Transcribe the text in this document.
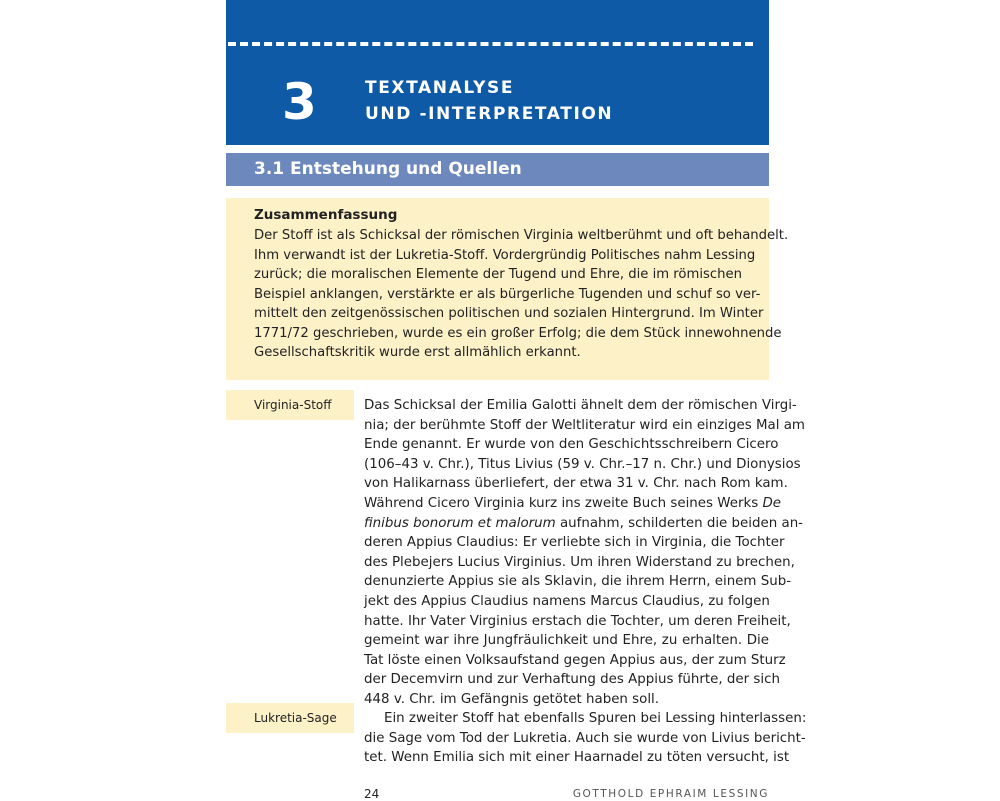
3	TEXTANALYSE
UND -INTERPRETATION
3.1 Entstehung und Quellen
Zusammenfassung
Der Stoff ist als Schicksal der römischen Virginia weltberühmt und oft behandelt.
Ihm verwandt ist der Lukretia-Stoff. Vordergründig Politisches nahm Lessing
zurück; die moralischen Elemente der Tugend und Ehre, die im römischen
Beispiel anklangen, verstärkte er als bürgerliche Tugenden und schuf so ver-
mittelt den zeitgenössischen politischen und sozialen Hintergrund. Im Winter
1771/72 geschrieben, wurde es ein großer Erfolg; die dem Stück innewohnende
Gesellschaftskritik wurde erst allmählich erkannt.
Virginia-Stoff
Lukretia-Sage
Das Schicksal der Emilia Galotti ähnelt dem der römischen Virgi-
nia; der berühmte Stoff der Weltliteratur wird ein einziges Mal am
Ende genannt. Er wurde von den Geschichtsschreibern Cicero
(106–43 v. Chr.), Titus Livius (59 v. Chr.–17 n. Chr.) und Dionysios
von Halikarnass überliefert, der etwa 31 v. Chr. nach Rom kam.
Während Cicero Virginia kurz ins zweite Buch seines Werks De
finibus bonorum et malorum aufnahm, schilderten die beiden an-
deren Appius Claudius: Er verliebte sich in Virginia, die Tochter
des Plebejers Lucius Virginius. Um ihren Widerstand zu brechen,
denunzierte Appius sie als Sklavin, die ihrem Herrn, einem Sub-
jekt des Appius Claudius namens Marcus Claudius, zu folgen
hatte. Ihr Vater Virginius erstach die Tochter, um deren Freiheit,
gemeint war ihre Jungfräulichkeit und Ehre, zu erhalten. Die
Tat löste einen Volksaufstand gegen Appius aus, der zum Sturz
der Decemvirn und zur Verhaftung des Appius führte, der sich
448 v. Chr. im Gefängnis getötet haben soll.
Ein zweiter Stoff hat ebenfalls Spuren bei Lessing hinterlassen:
die Sage vom Tod der Lukretia. Auch sie wurde von Livius bericht-
tet. Wenn Emilia sich mit einer Haarnadel zu töten versucht, ist
24	GOTTHOLD EPHRAIM LESSING
